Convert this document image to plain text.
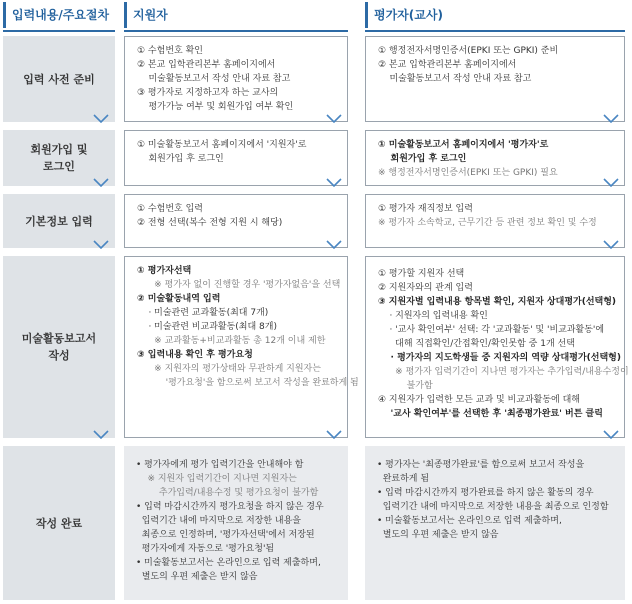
입력내용/주요절차	지원자	평가자(교사)
입력 사전 준비
회원가입 및
로그인
기본정보 입력
미술활동보고서
작성
작성 완료
① 수험번호 확인
② 본교 입학관리본부 홈페이지에서
미술활동보고서 작성 안내 자료 참고
③ 평가자로 지정하고자 하는 교사의
평가가능 여부 및 회원가입 여부 확인
① 미술활동보고서 홈페이지에서 '지원자'로
회원가입 후 로그인
① 수험번호 입력
② 전형 선택(복수 전형 지원 시 해당)
① 평가자선택
※ 평가자 없이 진행할 경우 '평가자없음'을 선택
② 미술활동내역 입력
· 미술관련 교과활동(최대 7개)
· 미술관련 비교과활동(최대 8개)
※ 교과활동+비교과활동 총 12개 이내 제한
③ 입력내용 확인 후 평가요청
※ 지원자의 평가상태와 무관하게 지원자는
'평가요청'을 함으로써 보고서 작성을 완료하게 됨
• 평가자에게 평가 입력기간을 안내해야 함
※ 지원자 입력기간이 지나면 지원자는
추가입력/내용수정 및 평가요청이 불가함
• 입력 마감시간까지 평가요청을 하지 않은 경우
입력기간 내에 마지막으로 저장한 내용을
최종으로 인정하며, '평가자선택'에서 저장된
평가자에게 자동으로 '평가요청'됨
• 미술활동보고서는 온라인으로 입력 제출하며,
별도의 우편 제출은 받지 않음
① 행정전자서명인증서(EPKI 또는 GPKI) 준비
② 본교 입학관리본부 홈페이지에서
미술활동보고서 작성 안내 자료 참고
① 미술활동보고서 홈페이지에서 '평가자'로
회원가입 후 로그인
※ 행정전자서명인증서(EPKI 또는 GPKI) 필요
① 평가자 재직정보 입력
※ 평가자 소속학교, 근무기간 등 관련 정보 확인 및 수정
① 평가할 지원자 선택
② 지원자와의 관계 입력
③ 지원자별 입력내용 항목별 확인, 지원자 상대평가(선택형)
· 지원자의 입력내용 확인
· '교사 확인여부' 선택: 각 '교과활동' 및 '비교과활동'에
대해 직접확인/간접확인/확인못함 중 1개 선택
· 평가자의 지도학생들 중 지원자의 역량 상대평가(선택형)
※ 평가자 입력기간이 지나면 평가자는 추가입력/내용수정이
불가함
④ 지원자가 입력한 모든 교과 및 비교과활동에 대해
'교사 확인여부'를 선택한 후 '최종평가완료' 버튼 클릭
• 평가자는 '최종평가완료'를 함으로써 보고서 작성을
완료하게 됨
• 입력 마감시간까지 평가완료를 하지 않은 활동의 경우
입력기간 내에 마지막으로 저장한 내용을 최종으로 인정함
• 미술활동보고서는 온라인으로 입력 제출하며,
별도의 우편 제출은 받지 않음
